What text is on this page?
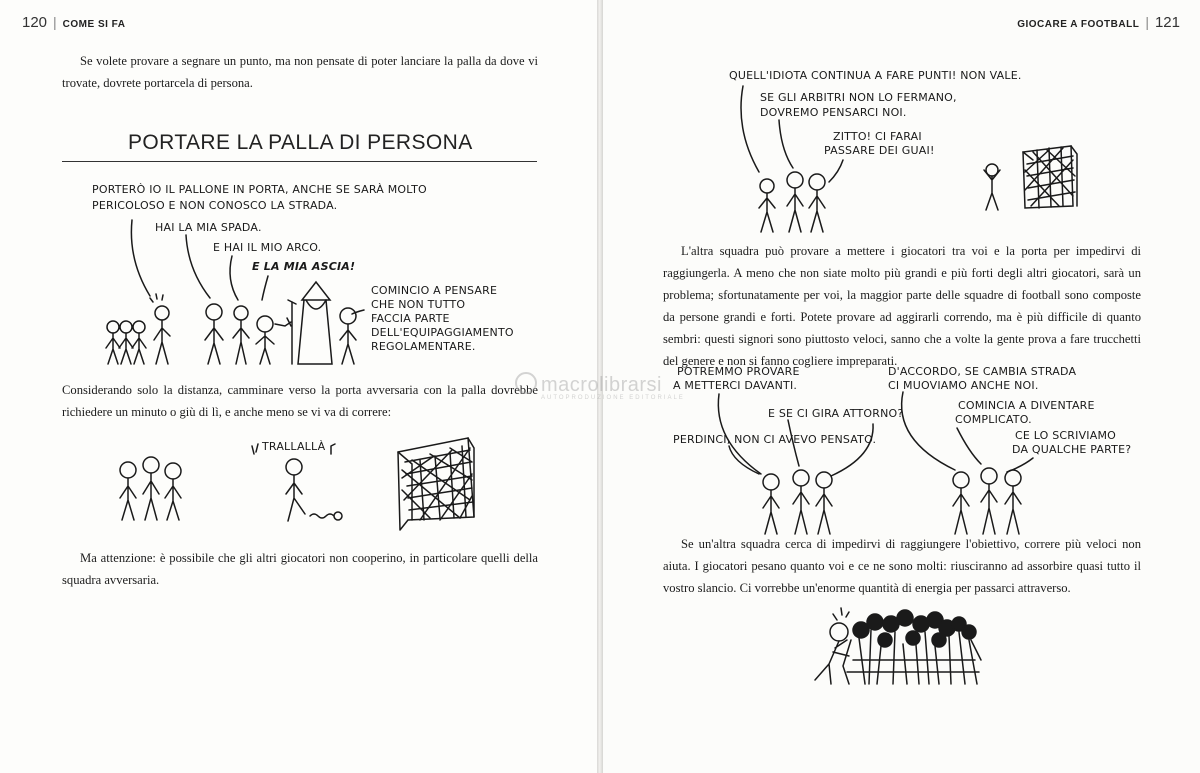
120 | COME SI FA

Se volete provare a segnare un punto, ma non pensate di poter lanciare la palla da dove vi trovate, dovrete portarcela di persona.

PORTARE LA PALLA DI PERSONA
PORTERÒ IO IL PALLONE IN PORTA, ANCHE SE SARÀ MOLTO
PERICOLOSO E NON CONOSCO LA STRADA.
HAI LA MIA SPADA.
E HAI IL MIO ARCO.
E LA MIA ASCIA!
COMINCIO A PENSARE
CHE NON TUTTO
FACCIA PARTE
DELL'EQUIPAGGIAMENTO
REGOLAMENTARE.

Considerando solo la distanza, camminare verso la porta avversaria con la palla dovrebbe richiedere un minuto o giù di lì, e anche meno se vi va di correre:

TRALLALLÀ

Ma attenzione: è possibile che gli altri giocatori non cooperino, in particolare quelli della squadra avversaria.

GIOCARE A FOOTBALL | 121
QUELL'IDIOTA CONTINUA A FARE PUNTI! NON VALE.
SE GLI ARBITRI NON LO FERMANO,
DOVREMO PENSARCI NOI.
ZITTO! CI FARAI
PASSARE DEI GUAI!

L'altra squadra può provare a mettere i giocatori tra voi e la porta per impedirvi di raggiungerla. A meno che non siate molto più grandi e più forti degli altri giocatori, sarà un problema; sfortunatamente per voi, la maggior parte delle squadre di football sono composte da persone grandi e forti. Potete provare ad aggirarli correndo, ma è più difficile di quanto sembri: questi signori sono piuttosto veloci, sanno che a volte la gente prova a fare trucchetti del genere e non si fanno cogliere impreparati.

POTREMMO PROVARE
A METTERCI DAVANTI.
E SE CI GIRA ATTORNO?
PERDINCI, NON CI AVEVO PENSATO.
D'ACCORDO, SE CAMBIA STRADA
CI MUOVIAMO ANCHE NOI.
COMINCIA A DIVENTARE
COMPLICATO.
CE LO SCRIVIAMO
DA QUALCHE PARTE?

Se un'altra squadra cerca di impedirvi di raggiungere l'obiettivo, correre più veloci non aiuta. I giocatori pesano quanto voi e ce ne sono molti: riusciranno ad assorbire quasi tutto il vostro slancio. Ci vorrebbe un'enorme quantità di energia per passarci attraverso.

macrolibrarsi
AUTOPRODUZIONE EDITORIALE
